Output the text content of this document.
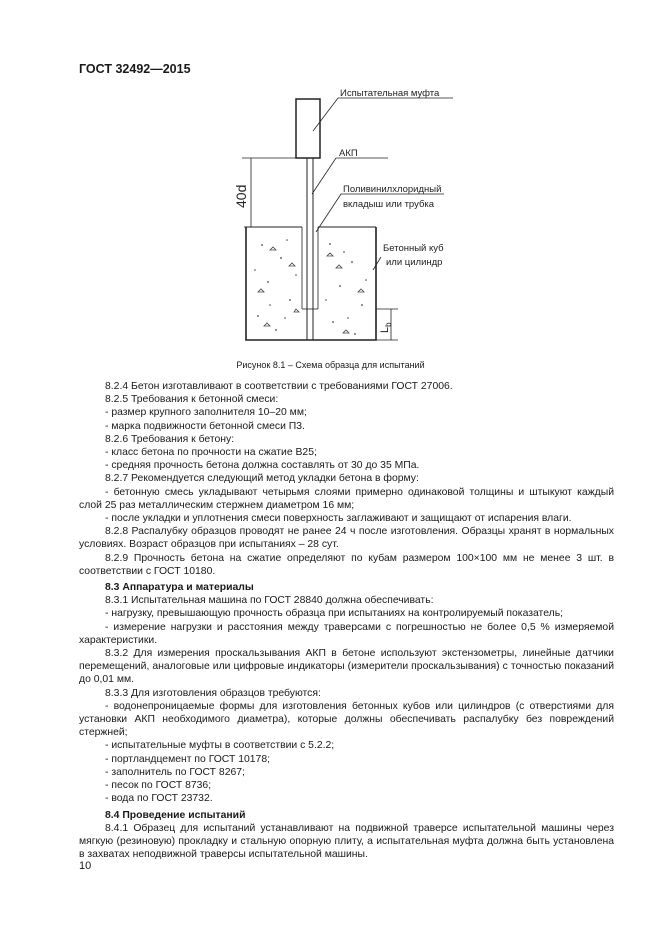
ГОСТ 32492—2015
Испытательная муфта
АКП
Поливинилхлоридный
вкладыш или трубка
Бетонный куб
или цилиндр
40d
$L_b$
Рисунок 8.1 – Схема образца для испытаний

8.2.4 Бетон изготавливают в соответствии с требованиями ГОСТ 27006.

8.2.5 Требования к бетонной смеси:

- размер крупного заполнителя 10–20 мм;

- марка подвижности бетонной смеси П3.

8.2.6 Требования к бетону:

- класс бетона по прочности на сжатие В25;

- средняя прочность бетона должна составлять от 30 до 35 МПа.

8.2.7 Рекомендуется следующий метод укладки бетона в форму:

- бетонную смесь укладывают четырьмя слоями примерно одинаковой толщины и штыкуют каждый слой 25 раз металлическим стержнем диаметром 16 мм;

- после укладки и уплотнения смеси поверхность заглаживают и защищают от испарения влаги.

8.2.8 Распалубку образцов проводят не ранее 24 ч после изготовления. Образцы хранят в нормальных условиях. Возраст образцов при испытаниях – 28 сут.

8.2.9 Прочность бетона на сжатие определяют по кубам размером 100×100 мм не менее 3 шт. в соответствии с ГОСТ 10180.

8.3 Аппаратура и материалы

8.3.1 Испытательная машина по ГОСТ 28840 должна обеспечивать:

- нагрузку, превышающую прочность образца при испытаниях на контролируемый показатель;

- измерение нагрузки и расстояния между траверсами с погрешностью не более 0,5 % измеряемой характеристики.

8.3.2 Для измерения проскальзывания АКП в бетоне используют экстензометры, линейные датчики перемещений, аналоговые или цифровые индикаторы (измерители проскальзывания) с точностью показаний до 0,01 мм.

8.3.3 Для изготовления образцов требуются:

- водонепроницаемые формы для изготовления бетонных кубов или цилиндров (с отверстиями для установки АКП необходимого диаметра), которые должны обеспечивать распалубку без повреждений стержней;

- испытательные муфты в соответствии с 5.2.2;

- портландцемент по ГОСТ 10178;

- заполнитель по ГОСТ 8267;

- песок по ГОСТ 8736;

- вода по ГОСТ 23732.

8.4 Проведение испытаний

8.4.1 Образец для испытаний устанавливают на подвижной траверсе испытательной машины через мягкую (резиновую) прокладку и стальную опорную плиту, а испытательная муфта должна быть установлена в захватах неподвижной траверсы испытательной машины.

10
